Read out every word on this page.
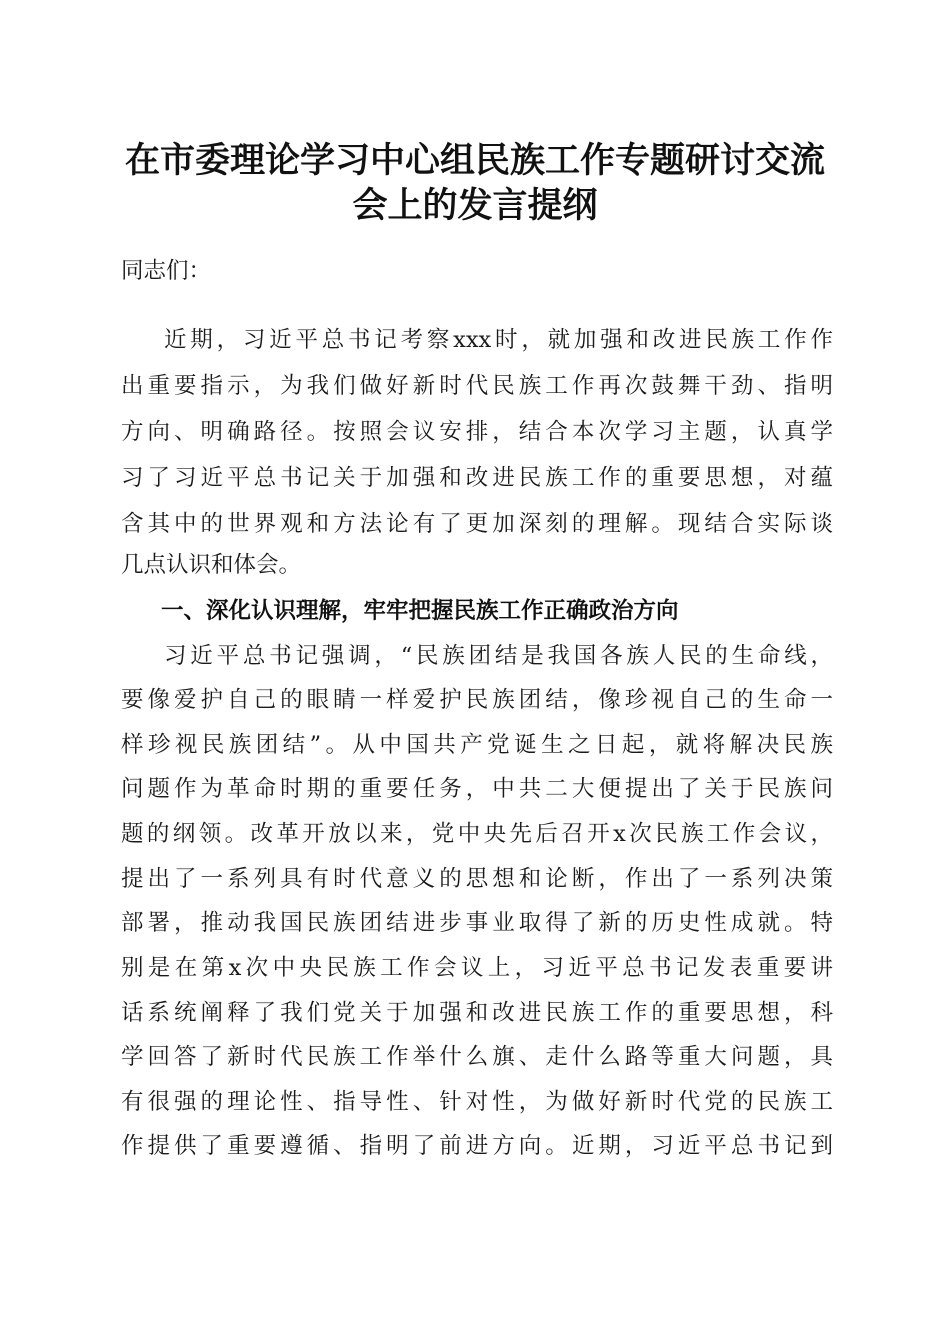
在市委理论学习中心组民族工作专题研讨交流
会上的发言提纲
同志们：
近期，习近平总书记考察xxx时，就加强和改进民族工作作
出重要指示，为我们做好新时代民族工作再次鼓舞干劲、指明
方向、明确路径。按照会议安排，结合本次学习主题，认真学
习了习近平总书记关于加强和改进民族工作的重要思想，对蕴
含其中的世界观和方法论有了更加深刻的理解。现结合实际谈
几点认识和体会。
一、深化认识理解，牢牢把握民族工作正确政治方向
习近平总书记强调，“民族团结是我国各族人民的生命线，
要像爱护自己的眼睛一样爱护民族团结，像珍视自己的生命一
样珍视民族团结”。从中国共产党诞生之日起，就将解决民族
问题作为革命时期的重要任务，中共二大便提出了关于民族问
题的纲领。改革开放以来，党中央先后召开x次民族工作会议，
提出了一系列具有时代意义的思想和论断，作出了一系列决策
部署，推动我国民族团结进步事业取得了新的历史性成就。特
别是在第x次中央民族工作会议上，习近平总书记发表重要讲
话系统阐释了我们党关于加强和改进民族工作的重要思想，科
学回答了新时代民族工作举什么旗、走什么路等重大问题，具
有很强的理论性、指导性、针对性，为做好新时代党的民族工
作提供了重要遵循、指明了前进方向。近期，习近平总书记到
